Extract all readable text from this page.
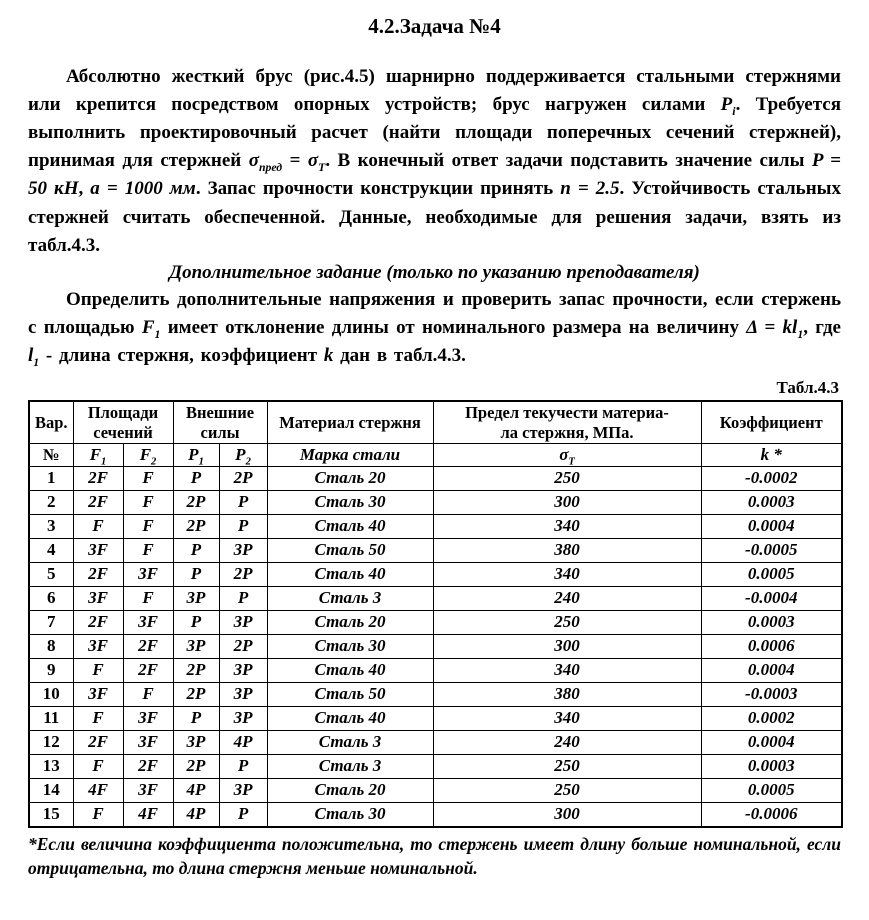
4.2.Задача №4

Абсолютно жесткий брус (рис.4.5) шарнирно поддерживается стальными стержнями или крепится посредством опорных устройств; брус нагружен силами $P_i$. Требуется выполнить проектировочный расчет (найти площади поперечных сечений стержней), принимая для стержней $\sigma_{пред} = \sigma_Т$. В конечный ответ задачи подставить значение силы P = 50 кН, a = 1000 мм. Запас прочности конструкции принять n = 2.5. Устойчивость стальных стержней считать обеспеченной. Данные, необходимые для решения задачи, взять из табл.4.3.

Дополнительное задание (только по указанию преподавателя)

Определить дополнительные напряжения и проверить запас прочности, если стержень с площадью $F_1$ имеет отклонение длины от номинального размера на величину $\Delta = kl_1$, где $l_1$ - длина стержня, коэффициент k дан в табл.4.3.

Табл.4.3
Вар.	Площади сечений		Внешние силы		Материал стержня	Предел текучести материа-
ла стержня, МПа.	Коэффициент
№	$F_1$	$F_2$	$P_1$	$P_2$	Марка стали	$\sigma_Т$	k *
1	2F	F	P	2P	Сталь 20	250	-0.0002
2	2F	F	2P	P	Сталь 30	300	0.0003
3	F	F	2P	P	Сталь 40	340	0.0004
4	3F	F	P	3P	Сталь 50	380	-0.0005
5	2F	3F	P	2P	Сталь 40	340	0.0005
6	3F	F	3P	P	Сталь 3	240	-0.0004
7	2F	3F	P	3P	Сталь 20	250	0.0003
8	3F	2F	3P	2P	Сталь 30	300	0.0006
9	F	2F	2P	3P	Сталь 40	340	0.0004
10	3F	F	2P	3P	Сталь 50	380	-0.0003
11	F	3F	P	3P	Сталь 40	340	0.0002
12	2F	3F	3P	4P	Сталь 3	240	0.0004
13	F	2F	2P	P	Сталь 3	250	0.0003
14	4F	3F	4P	3P	Сталь 20	250	0.0005
15	F	4F	4P	P	Сталь 30	300	-0.0006

*Если величина коэффициента положительна, то стержень имеет длину больше номинальной, если отрицательна, то длина стержня меньше номинальной.
